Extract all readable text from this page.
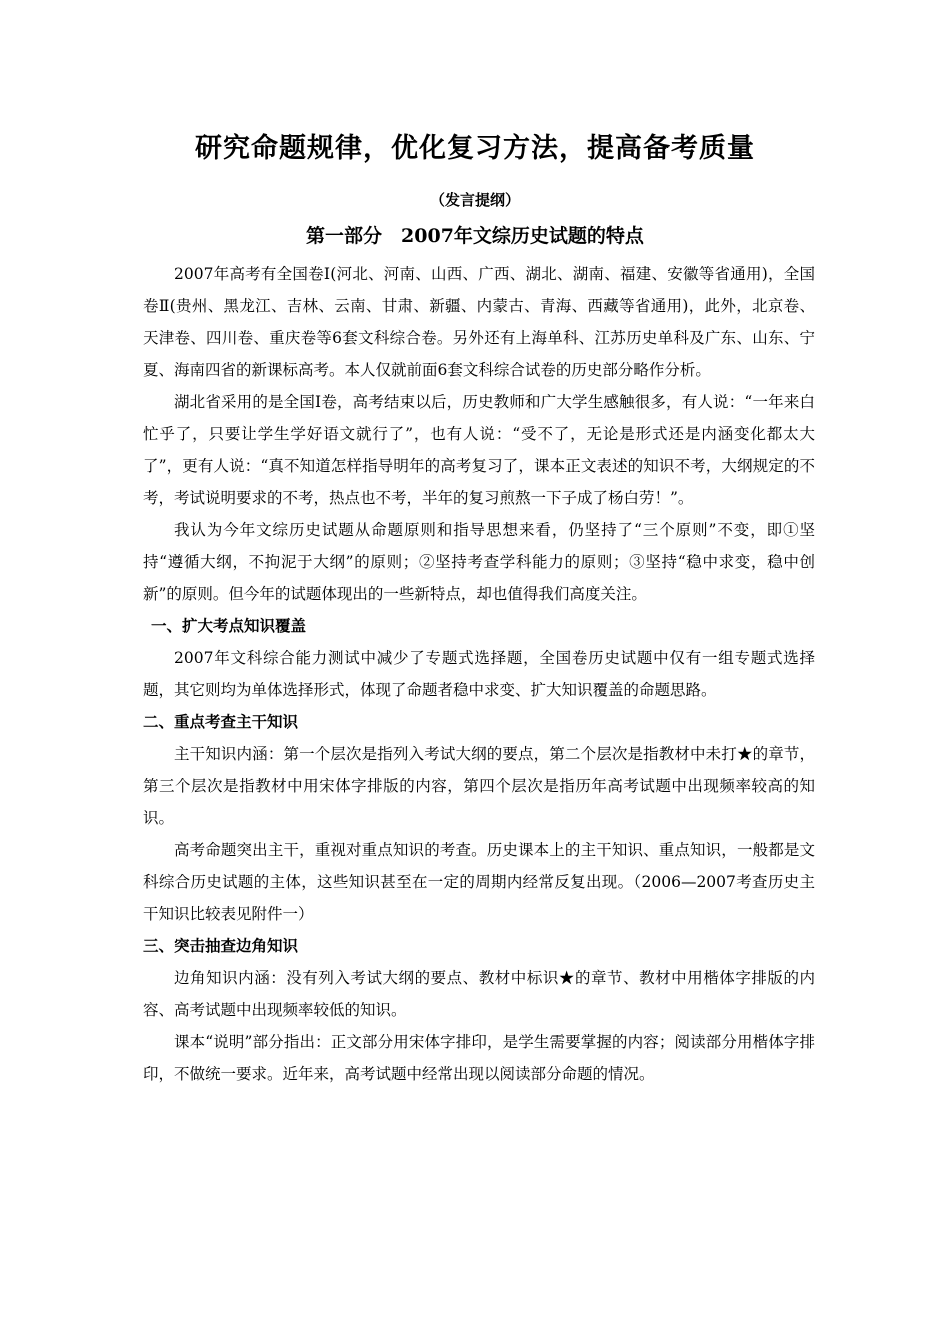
研究命题规律，优化复习方法，提高备考质量
（发言提纲）
第一部分　2007年文综历史试题的特点

2007年高考有全国卷Ⅰ(河北、河南、山西、广西、湖北、湖南、福建、安徽等省通用)，全国卷Ⅱ(贵州、黑龙江、吉林、云南、甘肃、新疆、内蒙古、青海、西藏等省通用)，此外，北京卷、天津卷、四川卷、重庆卷等6套文科综合卷。另外还有上海单科、江苏历史单科及广东、山东、宁夏、海南四省的新课标高考。本人仅就前面6套文科综合试卷的历史部分略作分析。

湖北省采用的是全国Ⅰ卷，高考结束以后，历史教师和广大学生感触很多，有人说：“一年来白忙乎了，只要让学生学好语文就行了”，也有人说：“受不了，无论是形式还是内涵变化都太大了”，更有人说：“真不知道怎样指导明年的高考复习了，课本正文表述的知识不考，大纲规定的不考，考试说明要求的不考，热点也不考，半年的复习煎熬一下子成了杨白劳！”。

我认为今年文综历史试题从命题原则和指导思想来看，仍坚持了“三个原则”不变，即①坚持“遵循大纲，不拘泥于大纲”的原则；②坚持考查学科能力的原则；③坚持“稳中求变，稳中创新”的原则。但今年的试题体现出的一些新特点，却也值得我们高度关注。

一、扩大考点知识覆盖

2007年文科综合能力测试中减少了专题式选择题，全国卷历史试题中仅有一组专题式选择题，其它则均为单体选择形式，体现了命题者稳中求变、扩大知识覆盖的命题思路。

二、重点考查主干知识

主干知识内涵：第一个层次是指列入考试大纲的要点，第二个层次是指教材中未打★的章节，第三个层次是指教材中用宋体字排版的内容，第四个层次是指历年高考试题中出现频率较高的知识。

高考命题突出主干，重视对重点知识的考查。历史课本上的主干知识、重点知识，一般都是文科综合历史试题的主体，这些知识甚至在一定的周期内经常反复出现。（2006—2007考查历史主干知识比较表见附件一）

三、突击抽查边角知识

边角知识内涵：没有列入考试大纲的要点、教材中标识★的章节、教材中用楷体字排版的内容、高考试题中出现频率较低的知识。

课本“说明”部分指出：正文部分用宋体字排印，是学生需要掌握的内容；阅读部分用楷体字排印，不做统一要求。近年来，高考试题中经常出现以阅读部分命题的情况。
